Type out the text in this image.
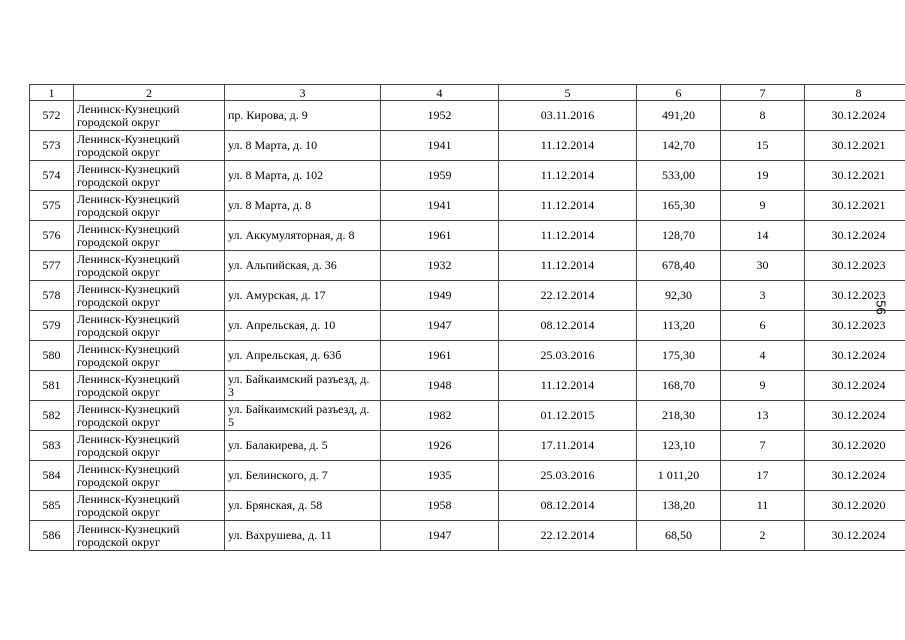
1	2	3	4	5	6	7	8
572	Ленинск-Кузнецкий городской округ	пр. Кирова, д. 9	1952	03.11.2016	491,20	8	30.12.2024
573	Ленинск-Кузнецкий городской округ	ул. 8 Марта, д. 10	1941	11.12.2014	142,70	15	30.12.2021
574	Ленинск-Кузнецкий городской округ	ул. 8 Марта, д. 102	1959	11.12.2014	533,00	19	30.12.2021
575	Ленинск-Кузнецкий городской округ	ул. 8 Марта, д. 8	1941	11.12.2014	165,30	9	30.12.2021
576	Ленинск-Кузнецкий городской округ	ул. Аккумуляторная, д. 8	1961	11.12.2014	128,70	14	30.12.2024
577	Ленинск-Кузнецкий городской округ	ул. Альпийская, д. 36	1932	11.12.2014	678,40	30	30.12.2023
578	Ленинск-Кузнецкий городской округ	ул. Амурская, д. 17	1949	22.12.2014	92,30	3	30.12.2023
579	Ленинск-Кузнецкий городской округ	ул. Апрельская, д. 10	1947	08.12.2014	113,20	6	30.12.2023
580	Ленинск-Кузнецкий городской округ	ул. Апрельская, д. 63б	1961	25.03.2016	175,30	4	30.12.2024
581	Ленинск-Кузнецкий городской округ	ул. Байкаимский разъезд, д. 3	1948	11.12.2014	168,70	9	30.12.2024
582	Ленинск-Кузнецкий городской округ	ул. Байкаимский разъезд, д. 5	1982	01.12.2015	218,30	13	30.12.2024
583	Ленинск-Кузнецкий городской округ	ул. Балакирева, д. 5	1926	17.11.2014	123,10	7	30.12.2020
584	Ленинск-Кузнецкий городской округ	ул. Белинского, д. 7	1935	25.03.2016	1 011,20	17	30.12.2024
585	Ленинск-Кузнецкий городской округ	ул. Брянская, д. 58	1958	08.12.2014	138,20	11	30.12.2020
586	Ленинск-Кузнецкий городской округ	ул. Вахрушева, д. 11	1947	22.12.2014	68,50	2	30.12.2024
56
